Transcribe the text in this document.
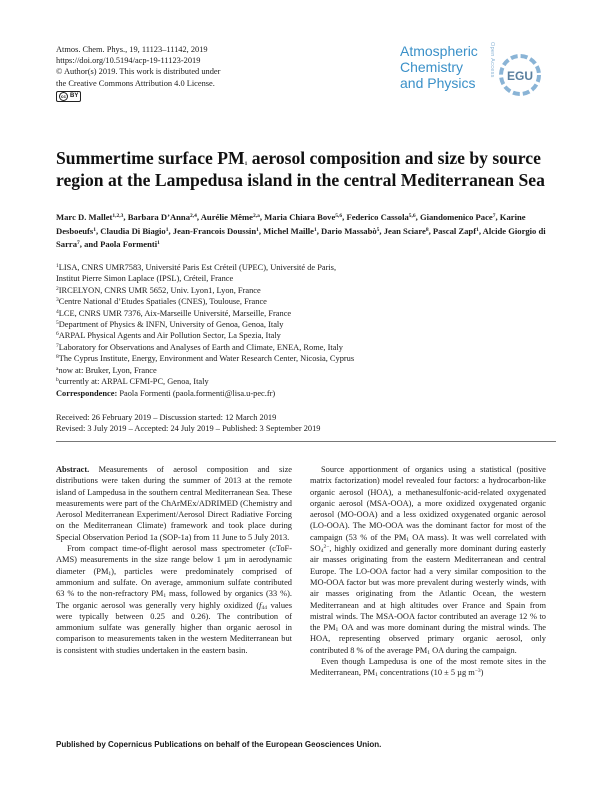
Atmos. Chem. Phys., 19, 11123–11142, 2019
https://doi.org/10.5194/acp-19-11123-2019
© Author(s) 2019. This work is distributed under
the Creative Commons Attribution 4.0 License.
cc BY
Atmospheric
Chemistry
and Physics
Open Access EGU
Summertime surface $PM_1$ aerosol composition and size by source region at the Lampedusa island in the central Mediterranean Sea
Marc D. Mallet$^{1,2,3}$, Barbara D’Anna$^{2,4}$, Aurélie Même$^{2,a}$, Maria Chiara Bove$^{5,6}$, Federico Cassola$^{5,6}$, Giandomenico Pace$^7$, Karine Desboeufs$^1$, Claudia Di Biagio$^1$, Jean-Francois Doussin$^1$, Michel Maille$^1$, Dario Massabò$^5$, Jean Sciare$^8$, Pascal Zapf$^1$, Alcide Giorgio di Sarra$^7$, and Paola Formenti$^1$
$^1$LISA, CNRS UMR7583, Université Paris Est Créteil (UPEC), Université de Paris,
Institut Pierre Simon Laplace (IPSL), Créteil, France
$^2$IRCELYON, CNRS UMR 5652, Univ. Lyon1, Lyon, France
$^3$Centre National d’Etudes Spatiales (CNES), Toulouse, France
$^4$LCE, CNRS UMR 7376, Aix-Marseille Université, Marseille, France
$^5$Department of Physics & INFN, University of Genoa, Genoa, Italy
$^6$ARPAL Physical Agents and Air Pollution Sector, La Spezia, Italy
$^7$Laboratory for Observations and Analyses of Earth and Climate, ENEA, Rome, Italy
$^8$The Cyprus Institute, Energy, Environment and Water Research Center, Nicosia, Cyprus
$^a$now at: Bruker, Lyon, France
$^b$currently at: ARPAL CFMI-PC, Genoa, Italy
Correspondence: Paola Formenti (paola.formenti@lisa.u-pec.fr)
Received: 26 February 2019 – Discussion started: 12 March 2019
Revised: 3 July 2019 – Accepted: 24 July 2019 – Published: 3 September 2019

Abstract. Measurements of aerosol composition and size distributions were taken during the summer of 2013 at the remote island of Lampedusa in the southern central Mediterranean Sea. These measurements were part of the ChArMEx/ADRIMED (Chemistry and Aerosol Mediterranean Experiment/Aerosol Direct Radiative Forcing on the Mediterranean Climate) framework and took place during Special Observation Period 1a (SOP-1a) from 11 June to 5 July 2013.

From compact time-of-flight aerosol mass spectrometer (cToF-AMS) measurements in the size range below 1 µm in aerodynamic diameter $(PM_1)$, particles were predominately comprised of ammonium and sulfate. On average, ammonium sulfate contributed 63 % to the non-refractory $PM_1$ mass, followed by organics (33 %). The organic aerosol was generally very highly oxidized ($f_{44}$ values were typically between 0.25 and 0.26). The contribution of ammonium sulfate was generally higher than organic aerosol in comparison to measurements taken in the western Mediterranean but is consistent with studies undertaken in the eastern basin.

Source apportionment of organics using a statistical (positive matrix factorization) model revealed four factors: a hydrocarbon-like organic aerosol (HOA), a methanesulfonic-acid-related oxygenated organic aerosol (MSA-OOA), a more oxidized oxygenated organic aerosol (MO-OOA) and a less oxidized oxygenated organic aerosol (LO-OOA). The MO-OOA was the dominant factor for most of the campaign (53 % of the $PM_1$ OA mass). It was well correlated with $SO_4^{2-}$, highly oxidized and generally more dominant during easterly air masses originating from the eastern Mediterranean and central Europe. The LO-OOA factor had a very similar composition to the MO-OOA factor but was more prevalent during westerly winds, with air masses originating from the Atlantic Ocean, the western Mediterranean and at high altitudes over France and Spain from mistral winds. The MSA-OOA factor contributed an average 12 % to the $PM_1$ OA and was more dominant during the mistral winds. The HOA, representing observed primary organic aerosol, only contributed 8 % of the average $PM_1$ OA during the campaign.

Even though Lampedusa is one of the most remote sites in the Mediterranean, $PM_1$ concentrations (10 ± 5 µg $m^{-3}$)

Published by Copernicus Publications on behalf of the European Geosciences Union.
